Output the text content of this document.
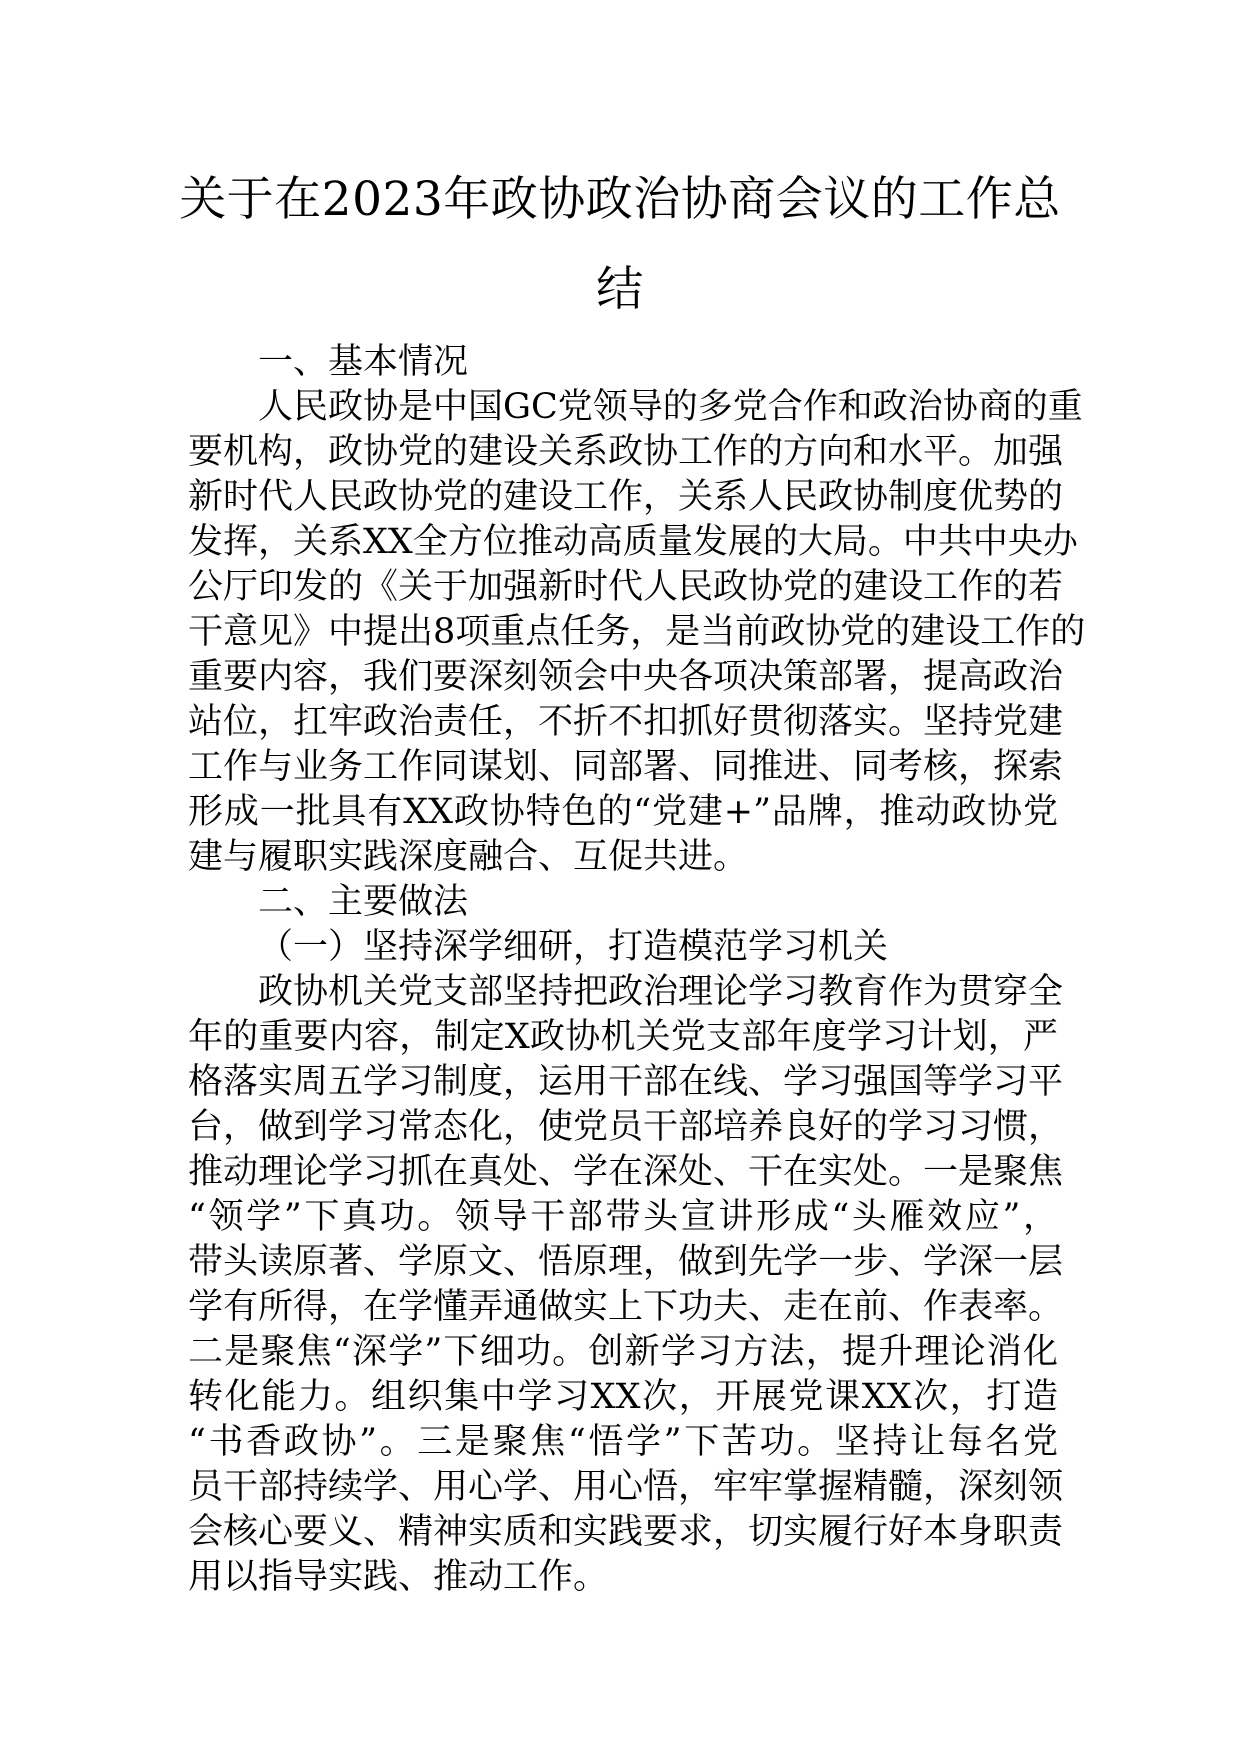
关于在2023年政协政治协商会议的工作总
结
一、基本情况
人民政协是中国GC党领导的多党合作和政治协商的重
要机构，政协党的建设关系政协工作的方向和水平。加强
新时代人民政协党的建设工作，关系人民政协制度优势的
发挥，关系XX全方位推动高质量发展的大局。中共中央办
公厅印发的《关于加强新时代人民政协党的建设工作的若
干意见》中提出8项重点任务，是当前政协党的建设工作的
重要内容，我们要深刻领会中央各项决策部署，提高政治
站位，扛牢政治责任，不折不扣抓好贯彻落实。坚持党建
工作与业务工作同谋划、同部署、同推进、同考核，探索
形成一批具有XX政协特色的“党建+”品牌，推动政协党
建与履职实践深度融合、互促共进。
二、主要做法
（一）坚持深学细研，打造模范学习机关
政协机关党支部坚持把政治理论学习教育作为贯穿全
年的重要内容，制定X政协机关党支部年度学习计划，严
格落实周五学习制度，运用干部在线、学习强国等学习平
台，做到学习常态化，使党员干部培养良好的学习习惯，
推动理论学习抓在真处、学在深处、干在实处。一是聚焦
“领学”下真功。领导干部带头宣讲形成“头雁效应”，
带头读原著、学原文、悟原理，做到先学一步、学深一层
学有所得，在学懂弄通做实上下功夫、走在前、作表率。
二是聚焦“深学”下细功。创新学习方法，提升理论消化
转化能力。组织集中学习XX次，开展党课XX次，打造
“书香政协”。三是聚焦“悟学”下苦功。坚持让每名党
员干部持续学、用心学、用心悟，牢牢掌握精髓，深刻领
会核心要义、精神实质和实践要求，切实履行好本身职责
用以指导实践、推动工作。
